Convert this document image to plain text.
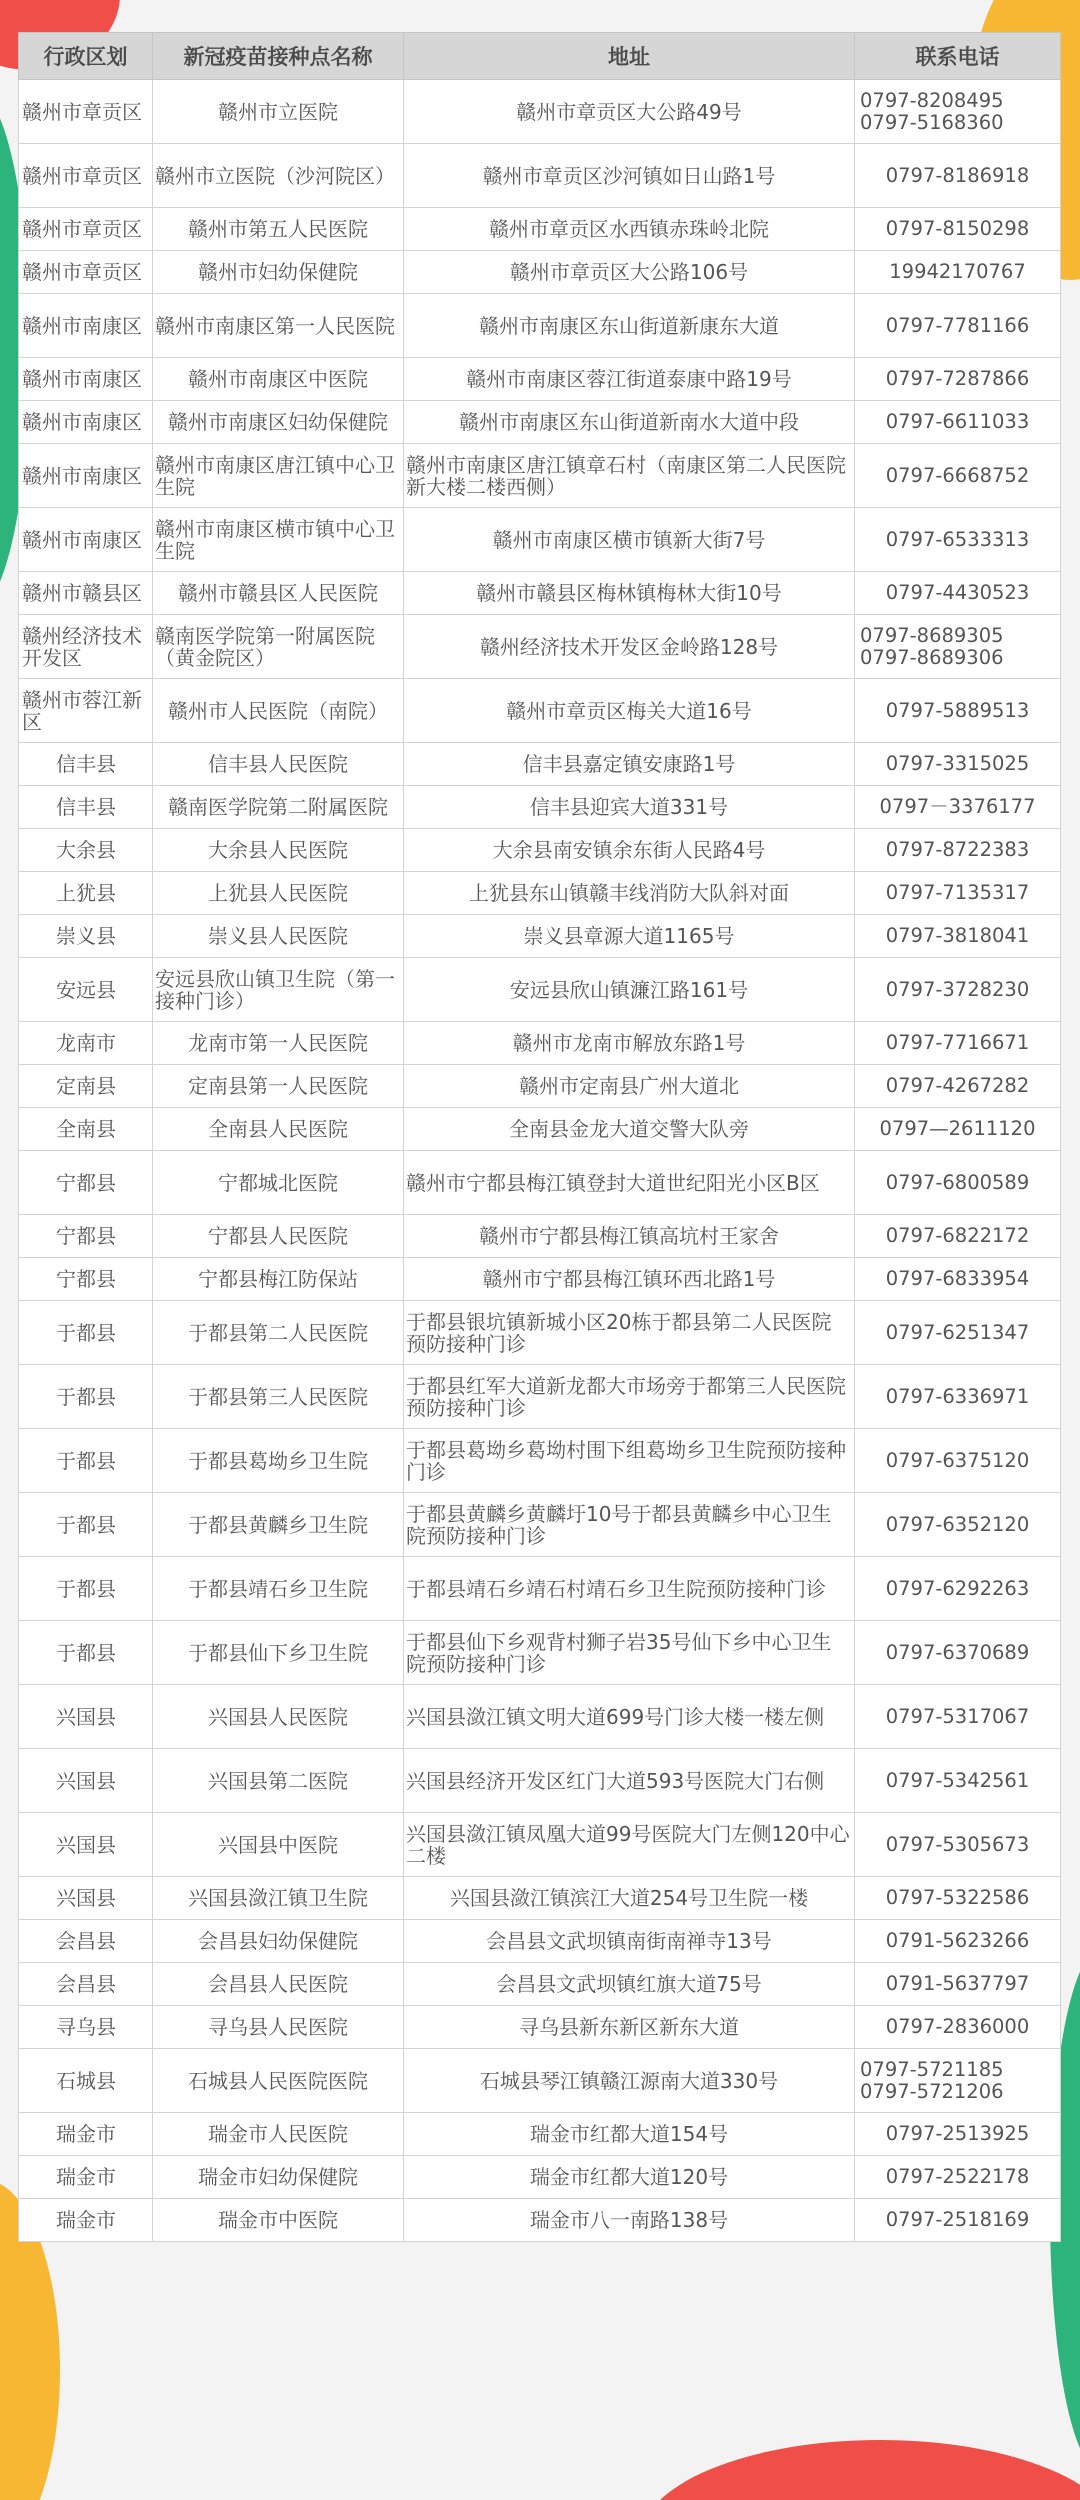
行政区划	新冠疫苗接种点名称	地址	联系电话
赣州市章贡区	赣州市立医院	赣州市章贡区大公路49号	0797-8208495
0797-5168360

赣州市章贡区	赣州市立医院（沙河院区）	赣州市章贡区沙河镇如日山路1号	0797-8186918

赣州市章贡区	赣州市第五人民医院	赣州市章贡区水西镇赤珠岭北院	0797-8150298

赣州市章贡区	赣州市妇幼保健院	赣州市章贡区大公路106号	19942170767

赣州市南康区	赣州市南康区第一人民医院	赣州市南康区东山街道新康东大道	0797-7781166

赣州市南康区	赣州市南康区中医院	赣州市南康区蓉江街道泰康中路19号	0797-7287866

赣州市南康区	赣州市南康区妇幼保健院	赣州市南康区东山街道新南水大道中段	0797-6611033

赣州市南康区	赣州市南康区唐江镇中心卫生院	赣州市南康区唐江镇章石村（南康区第二人民医院新大楼二楼西侧）	0797-6668752

赣州市南康区	赣州市南康区横市镇中心卫生院	赣州市南康区横市镇新大街7号	0797-6533313

赣州市赣县区	赣州市赣县区人民医院	赣州市赣县区梅林镇梅林大街10号	0797-4430523

赣州经济技术开发区	赣南医学院第一附属医院（黄金院区）	赣州经济技术开发区金岭路128号	0797-8689305
0797-8689306

赣州市蓉江新区	赣州市人民医院（南院）	赣州市章贡区梅关大道16号	0797-5889513

信丰县	信丰县人民医院	信丰县嘉定镇安康路1号	0797-3315025

信丰县	赣南医学院第二附属医院	信丰县迎宾大道331号	0797－3376177

大余县	大余县人民医院	大余县南安镇余东街人民路4号	0797-8722383

上犹县	上犹县人民医院	上犹县东山镇赣丰线消防大队斜对面	0797-7135317

崇义县	崇义县人民医院	崇义县章源大道1165号	0797-3818041

安远县	安远县欣山镇卫生院（第一接种门诊）	安远县欣山镇濂江路161号	0797-3728230

龙南市	龙南市第一人民医院	赣州市龙南市解放东路1号	0797-7716671

定南县	定南县第一人民医院	赣州市定南县广州大道北	0797-4267282

全南县	全南县人民医院	全南县金龙大道交警大队旁	0797—2611120

宁都县	宁都城北医院	赣州市宁都县梅江镇登封大道世纪阳光小区B区	0797-6800589

宁都县	宁都县人民医院	赣州市宁都县梅江镇高坑村王家舍	0797-6822172

宁都县	宁都县梅江防保站	赣州市宁都县梅江镇环西北路1号	0797-6833954

于都县	于都县第二人民医院	于都县银坑镇新城小区20栋于都县第二人民医院预防接种门诊	0797-6251347

于都县	于都县第三人民医院	于都县红军大道新龙都大市场旁于都第三人民医院预防接种门诊	0797-6336971

于都县	于都县葛坳乡卫生院	于都县葛坳乡葛坳村围下组葛坳乡卫生院预防接种门诊	0797-6375120

于都县	于都县黄麟乡卫生院	于都县黄麟乡黄麟圩10号于都县黄麟乡中心卫生院预防接种门诊	0797-6352120

于都县	于都县靖石乡卫生院	于都县靖石乡靖石村靖石乡卫生院预防接种门诊	0797-6292263

于都县	于都县仙下乡卫生院	于都县仙下乡观背村狮子岩35号仙下乡中心卫生院预防接种门诊	0797-6370689

兴国县	兴国县人民医院	兴国县潋江镇文明大道699号门诊大楼一楼左侧	0797-5317067

兴国县	兴国县第二医院	兴国县经济开发区红门大道593号医院大门右侧	0797-5342561

兴国县	兴国县中医院	兴国县潋江镇凤凰大道99号医院大门左侧120中心二楼	0797-5305673

兴国县	兴国县潋江镇卫生院	兴国县潋江镇滨江大道254号卫生院一楼	0797-5322586

会昌县	会昌县妇幼保健院	会昌县文武坝镇南街南禅寺13号	0791-5623266

会昌县	会昌县人民医院	会昌县文武坝镇红旗大道75号	0791-5637797

寻乌县	寻乌县人民医院	寻乌县新东新区新东大道	0797-2836000

石城县	石城县人民医院医院	石城县琴江镇赣江源南大道330号	0797-5721185
0797-5721206

瑞金市	瑞金市人民医院	瑞金市红都大道154号	0797-2513925

瑞金市	瑞金市妇幼保健院	瑞金市红都大道120号	0797-2522178

瑞金市	瑞金市中医院	瑞金市八一南路138号	0797-2518169
